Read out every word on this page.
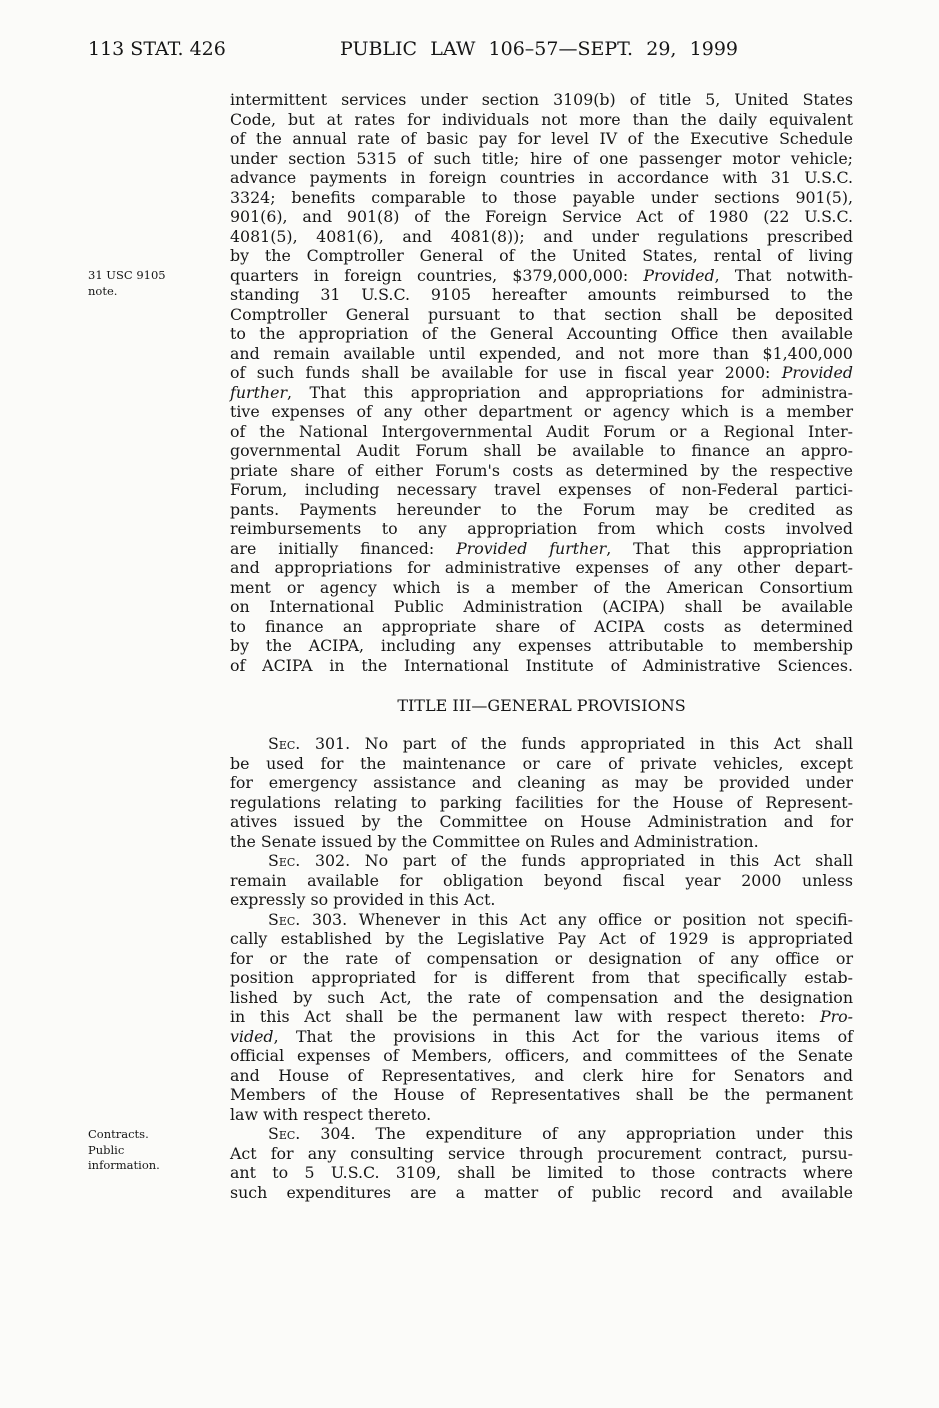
113 STAT. 426	PUBLIC LAW 106–57—SEPT. 29, 1999
31 USC 9105
note.
Contracts.
Public
information.
intermittent services under section 3109(b) of title 5, United States
Code, but at rates for individuals not more than the daily equivalent
of the annual rate of basic pay for level IV of the Executive Schedule
under section 5315 of such title; hire of one passenger motor vehicle;
advance payments in foreign countries in accordance with 31 U.S.C.
3324; benefits comparable to those payable under sections 901(5),
901(6), and 901(8) of the Foreign Service Act of 1980 (22 U.S.C.
4081(5), 4081(6), and 4081(8)); and under regulations prescribed
by the Comptroller General of the United States, rental of living
quarters in foreign countries, $379,000,000: Provided, That notwith-
standing 31 U.S.C. 9105 hereafter amounts reimbursed to the
Comptroller General pursuant to that section shall be deposited
to the appropriation of the General Accounting Office then available
and remain available until expended, and not more than $1,400,000
of such funds shall be available for use in fiscal year 2000: Provided
further, That this appropriation and appropriations for administra-
tive expenses of any other department or agency which is a member
of the National Intergovernmental Audit Forum or a Regional Inter-
governmental Audit Forum shall be available to finance an appro-
priate share of either Forum's costs as determined by the respective
Forum, including necessary travel expenses of non-Federal partici-
pants. Payments hereunder to the Forum may be credited as
reimbursements to any appropriation from which costs involved
are initially financed: Provided further, That this appropriation
and appropriations for administrative expenses of any other depart-
ment or agency which is a member of the American Consortium
on International Public Administration (ACIPA) shall be available
to finance an appropriate share of ACIPA costs as determined
by the ACIPA, including any expenses attributable to membership
of ACIPA in the International Institute of Administrative Sciences.
TITLE III—GENERAL PROVISIONS
Sec. 301. No part of the funds appropriated in this Act shall
be used for the maintenance or care of private vehicles, except
for emergency assistance and cleaning as may be provided under
regulations relating to parking facilities for the House of Represent-
atives issued by the Committee on House Administration and for
the Senate issued by the Committee on Rules and Administration.
Sec. 302. No part of the funds appropriated in this Act shall
remain available for obligation beyond fiscal year 2000 unless
expressly so provided in this Act.
Sec. 303. Whenever in this Act any office or position not specifi-
cally established by the Legislative Pay Act of 1929 is appropriated
for or the rate of compensation or designation of any office or
position appropriated for is different from that specifically estab-
lished by such Act, the rate of compensation and the designation
in this Act shall be the permanent law with respect thereto: Pro-
vided, That the provisions in this Act for the various items of
official expenses of Members, officers, and committees of the Senate
and House of Representatives, and clerk hire for Senators and
Members of the House of Representatives shall be the permanent
law with respect thereto.
Sec. 304. The expenditure of any appropriation under this
Act for any consulting service through procurement contract, pursu-
ant to 5 U.S.C. 3109, shall be limited to those contracts where
such expenditures are a matter of public record and available
